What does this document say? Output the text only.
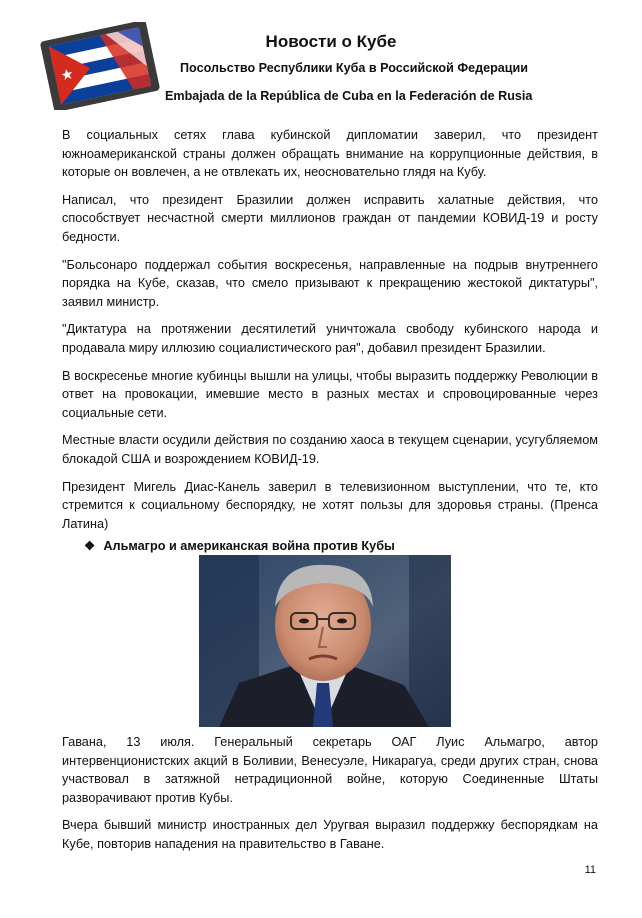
Новости о Кубе
Посольство Республики Куба в Российской Федерации
Embajada de la República de Cuba en la Federación de Rusia

В социальных сетях глава кубинской дипломатии заверил, что президент южноамериканской страны должен обращать внимание на коррупционные действия, в которые он вовлечен, а не отвлекать их, неосновательно глядя на Кубу.

Написал, что президент Бразилии должен исправить халатные действия, что способствует несчастной смерти миллионов граждан от пандемии КОВИД-19 и росту бедности.

"Больсонаро поддержал события воскресенья, направленные на подрыв внутреннего порядка на Кубе, сказав, что смело призывают к прекращению жестокой диктатуры", заявил министр.

"Диктатура на протяжении десятилетий уничтожала свободу кубинского народа и продавала миру иллюзию социалистического рая", добавил президент Бразилии.

В воскресенье многие кубинцы вышли на улицы, чтобы выразить поддержку Революции в ответ на провокации, имевшие место в разных местах и спровоцированные через социальные сети.

Местные власти осудили действия по созданию хаоса в текущем сценарии, усугубляемом блокадой США и возрождением КОВИД-19.

Президент Мигель Диас-Канель заверил в телевизионном выступлении, что те, кто стремится к социальному беспорядку, не хотят пользы для здоровья страны. (Пренса Латина)

❖ Альмагро и американская война против Кубы

Гавана, 13 июля. Генеральный секретарь ОАГ Луис Альмагро, автор интервенционистских акций в Боливии, Венесуэле, Никарагуа, среди других стран, снова участвовал в затяжной нетрадиционной войне, которую Соединенные Штаты разворачивают против Кубы.

Вчера бывший министр иностранных дел Уругвая выразил поддержку беспорядкам на Кубе, повторив нападения на правительство в Гаване.

11
